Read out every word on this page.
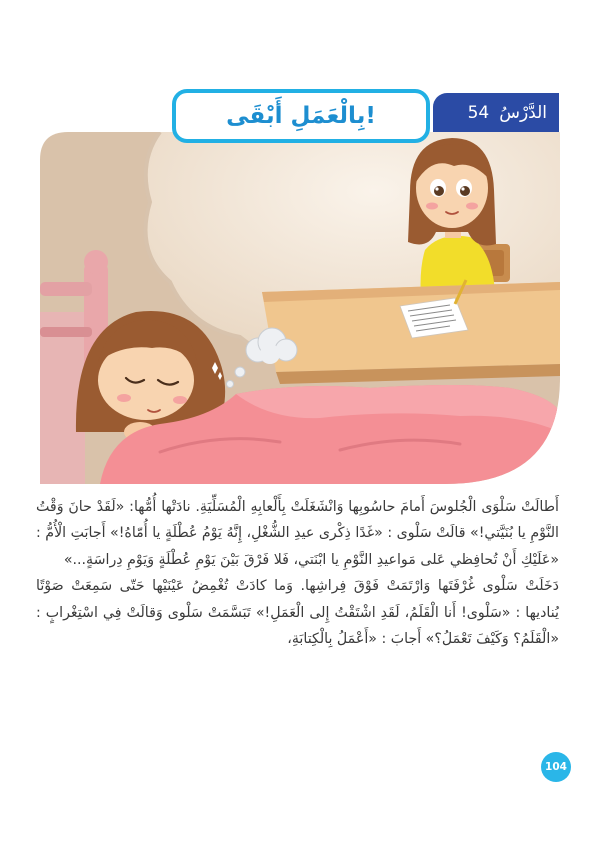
الدَّرْسُ54
بِالْعَمَلِ أَبْقَى!

أَطالَتْ سَلْوَى الْجُلوسَ أَمامَ حاسُوبِها وَانْشَغَلَتْ بِأَلْعابِهِ الْمُسَلِّيَةِ. نادَتْها أُمُّها: «لَقَدْ حانَ وَقْتُ النَّوْمِ يا بُنَيَّتي!» قالَتْ سَلْوى : «غَدًا ذِكْرى عيدِ الشُّغْلِ، إِنَّهُ يَوْمُ عُطْلَةٍ يا أُمّاهُ!» أَجابَتِ الْأُمُّ : «عَلَيْكِ أَنْ تُحافِظي عَلى مَواعيدِ النَّوْمِ يا ابْنَتي، فَلا فَرْقَ بَيْنَ يَوْمِ عُطْلَةٍ وَيَوْمِ دِراسَةٍ...»

دَخَلَتْ سَلْوى غُرْفَتَها وَارْتَمَتْ فَوْقَ فِراشِها. وَما كادَتْ تُغْمِضُ عَيْنَيْها حَتّى سَمِعَتْ صَوْتًا يُناديها : «سَلْوى! أَنا الْقَلَمُ، لَقَدِ اشْتَقْتُ إِلى الْعَمَلِ!» تَبَسَّمَتْ سَلْوى وَقالَتْ فِي اسْتِغْرابٍ : «الْقَلَمُ؟ وَكَيْفَ تَعْمَلُ؟» أَجابَ : «أَعْمَلُ بِالْكِتابَةِ،

104
